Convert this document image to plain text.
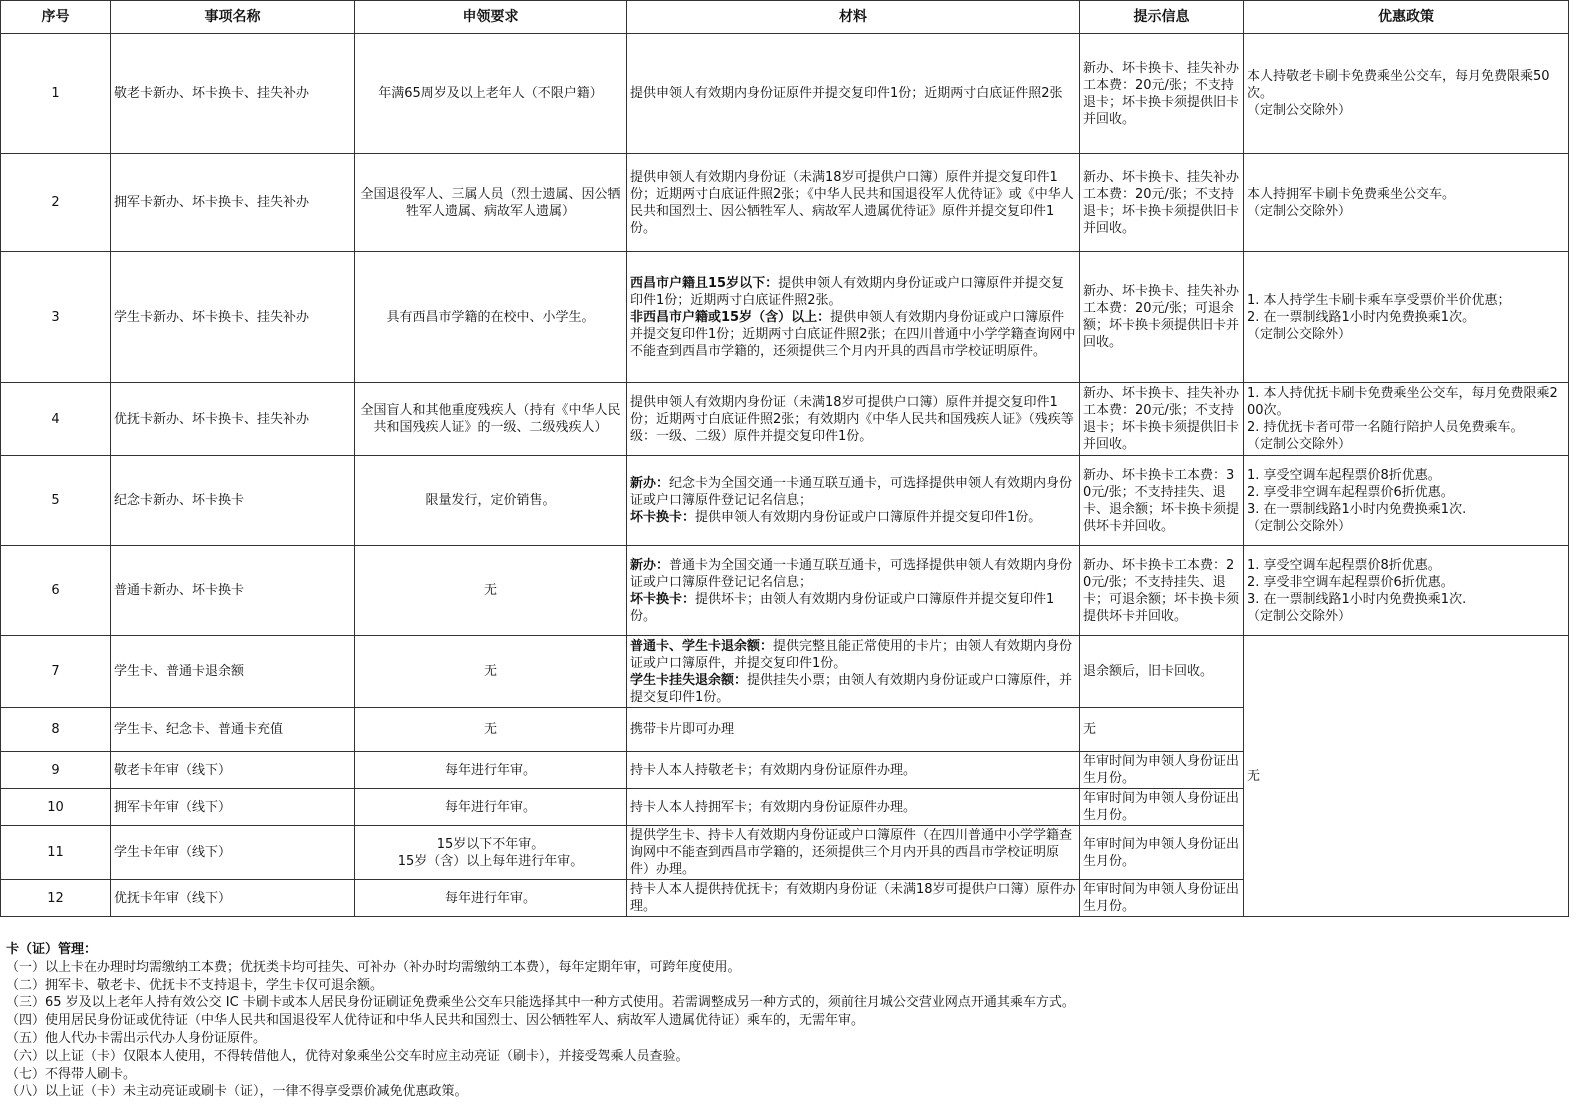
序号	事项名称	申领要求	材料	提示信息	优惠政策
1	敬老卡新办、坏卡换卡、挂失补办	年满65周岁及以上老年人（不限户籍）	提供申领人有效期内身份证原件并提交复印件1份；近期两寸白底证件照2张	新办、坏卡换卡、挂失补办工本费：20元/张；不支持退卡；坏卡换卡须提供旧卡并回收。	本人持敬老卡刷卡免费乘坐公交车，每月免费限乘50次。
（定制公交除外）

2	拥军卡新办、坏卡换卡、挂失补办	全国退役军人、三属人员（烈士遗属、因公牺牲军人遗属、病故军人遗属）	提供申领人有效期内身份证（未满18岁可提供户口簿）原件并提交复印件1份；近期两寸白底证件照2张；《中华人民共和国退役军人优待证》或《中华人民共和国烈士、因公牺牲军人、病故军人遗属优待证》原件并提交复印件1份。	新办、坏卡换卡、挂失补办工本费：20元/张；不支持退卡；坏卡换卡须提供旧卡并回收。	本人持拥军卡刷卡免费乘坐公交车。
（定制公交除外）

3	学生卡新办、坏卡换卡、挂失补办	具有西昌市学籍的在校中、小学生。	西昌市户籍且15岁以下：提供申领人有效期内身份证或户口簿原件并提交复印件1份；近期两寸白底证件照2张。
非西昌市户籍或15岁（含）以上：提供申领人有效期内身份证或户口簿原件并提交复印件1份；近期两寸白底证件照2张；在四川普通中小学学籍查询网中不能查到西昌市学籍的，还须提供三个月内开具的西昌市学校证明原件。	新办、坏卡换卡、挂失补办工本费：20元/张；可退余额；坏卡换卡须提供旧卡并回收。	1. 本人持学生卡刷卡乘车享受票价半价优惠；
2. 在一票制线路1小时内免费换乘1次。
（定制公交除外）

4	优抚卡新办、坏卡换卡、挂失补办	全国盲人和其他重度残疾人（持有《中华人民共和国残疾人证》的一级、二级残疾人）	提供申领人有效期内身份证（未满18岁可提供户口簿）原件并提交复印件1份；近期两寸白底证件照2张；有效期内《中华人民共和国残疾人证》（残疾等级：一级、二级）原件并提交复印件1份。	新办、坏卡换卡、挂失补办工本费：20元/张；不支持退卡；坏卡换卡须提供旧卡并回收。	1. 本人持优抚卡刷卡免费乘坐公交车，每月免费限乘200次。
2. 持优抚卡者可带一名随行陪护人员免费乘车。
（定制公交除外）

5	纪念卡新办、坏卡换卡	限量发行，定价销售。	新办：纪念卡为全国交通一卡通互联互通卡，可选择提供申领人有效期内身份证或户口簿原件登记记名信息；
坏卡换卡：提供申领人有效期内身份证或户口簿原件并提交复印件1份。	新办、坏卡换卡工本费：30元/张；不支持挂失、退卡、退余额；坏卡换卡须提供坏卡并回收。	1. 享受空调车起程票价8折优惠。
2. 享受非空调车起程票价6折优惠。
3. 在一票制线路1小时内免费换乘1次.
（定制公交除外）

6	普通卡新办、坏卡换卡	无	新办：普通卡为全国交通一卡通互联互通卡，可选择提供申领人有效期内身份证或户口簿原件登记记名信息；
坏卡换卡：提供坏卡；由领人有效期内身份证或户口簿原件并提交复印件1份。	新办、坏卡换卡工本费：20元/张；不支持挂失、退卡；可退余额；坏卡换卡须提供坏卡并回收。	1. 享受空调车起程票价8折优惠。
2. 享受非空调车起程票价6折优惠。
3. 在一票制线路1小时内免费换乘1次.
（定制公交除外）

7	学生卡、普通卡退余额	无	普通卡、学生卡退余额：提供完整且能正常使用的卡片；由领人有效期内身份证或户口簿原件，并提交复印件1份。
学生卡挂失退余额：提供挂失小票；由领人有效期内身份证或户口簿原件，并提交复印件1份。	退余额后，旧卡回收。	无
8	学生卡、纪念卡、普通卡充值	无	携带卡片即可办理	无	
9	敬老卡年审（线下）	每年进行年审。	持卡人本人持敬老卡；有效期内身份证原件办理。	年审时间为申领人身份证出生月份。	
10	拥军卡年审（线下）	每年进行年审。	持卡人本人持拥军卡；有效期内身份证原件办理。	年审时间为申领人身份证出生月份。	
11	学生卡年审（线下）	15岁以下不年审。
15岁（含）以上每年进行年审。	提供学生卡、持卡人有效期内身份证或户口簿原件（在四川普通中小学学籍查询网中不能查到西昌市学籍的，还须提供三个月内开具的西昌市学校证明原件）办理。	年审时间为申领人身份证出生月份。	
12	优抚卡年审（线下）	每年进行年审。	持卡人本人提供持优抚卡；有效期内身份证（未满18岁可提供户口簿）原件办理。	年审时间为申领人身份证出生月份。	
卡（证）管理：
（一）以上卡在办理时均需缴纳工本费；优抚类卡均可挂失、可补办（补办时均需缴纳工本费），每年定期年审，可跨年度使用。
（二）拥军卡、敬老卡、优抚卡不支持退卡，学生卡仅可退余额。
（三）65 岁及以上老年人持有效公交 IC 卡刷卡或本人居民身份证刷证免费乘坐公交车只能选择其中一种方式使用。若需调整成另一种方式的，须前往月城公交营业网点开通其乘车方式。
（四）使用居民身份证或优待证（中华人民共和国退役军人优待证和中华人民共和国烈士、因公牺牲军人、病故军人遗属优待证）乘车的，无需年审。
（五）他人代办卡需出示代办人身份证原件。
（六）以上证（卡）仅限本人使用，不得转借他人，优待对象乘坐公交车时应主动亮证（刷卡），并接受驾乘人员查验。
（七）不得带人刷卡。
（八）以上证（卡）未主动亮证或刷卡（证），一律不得享受票价减免优惠政策。
